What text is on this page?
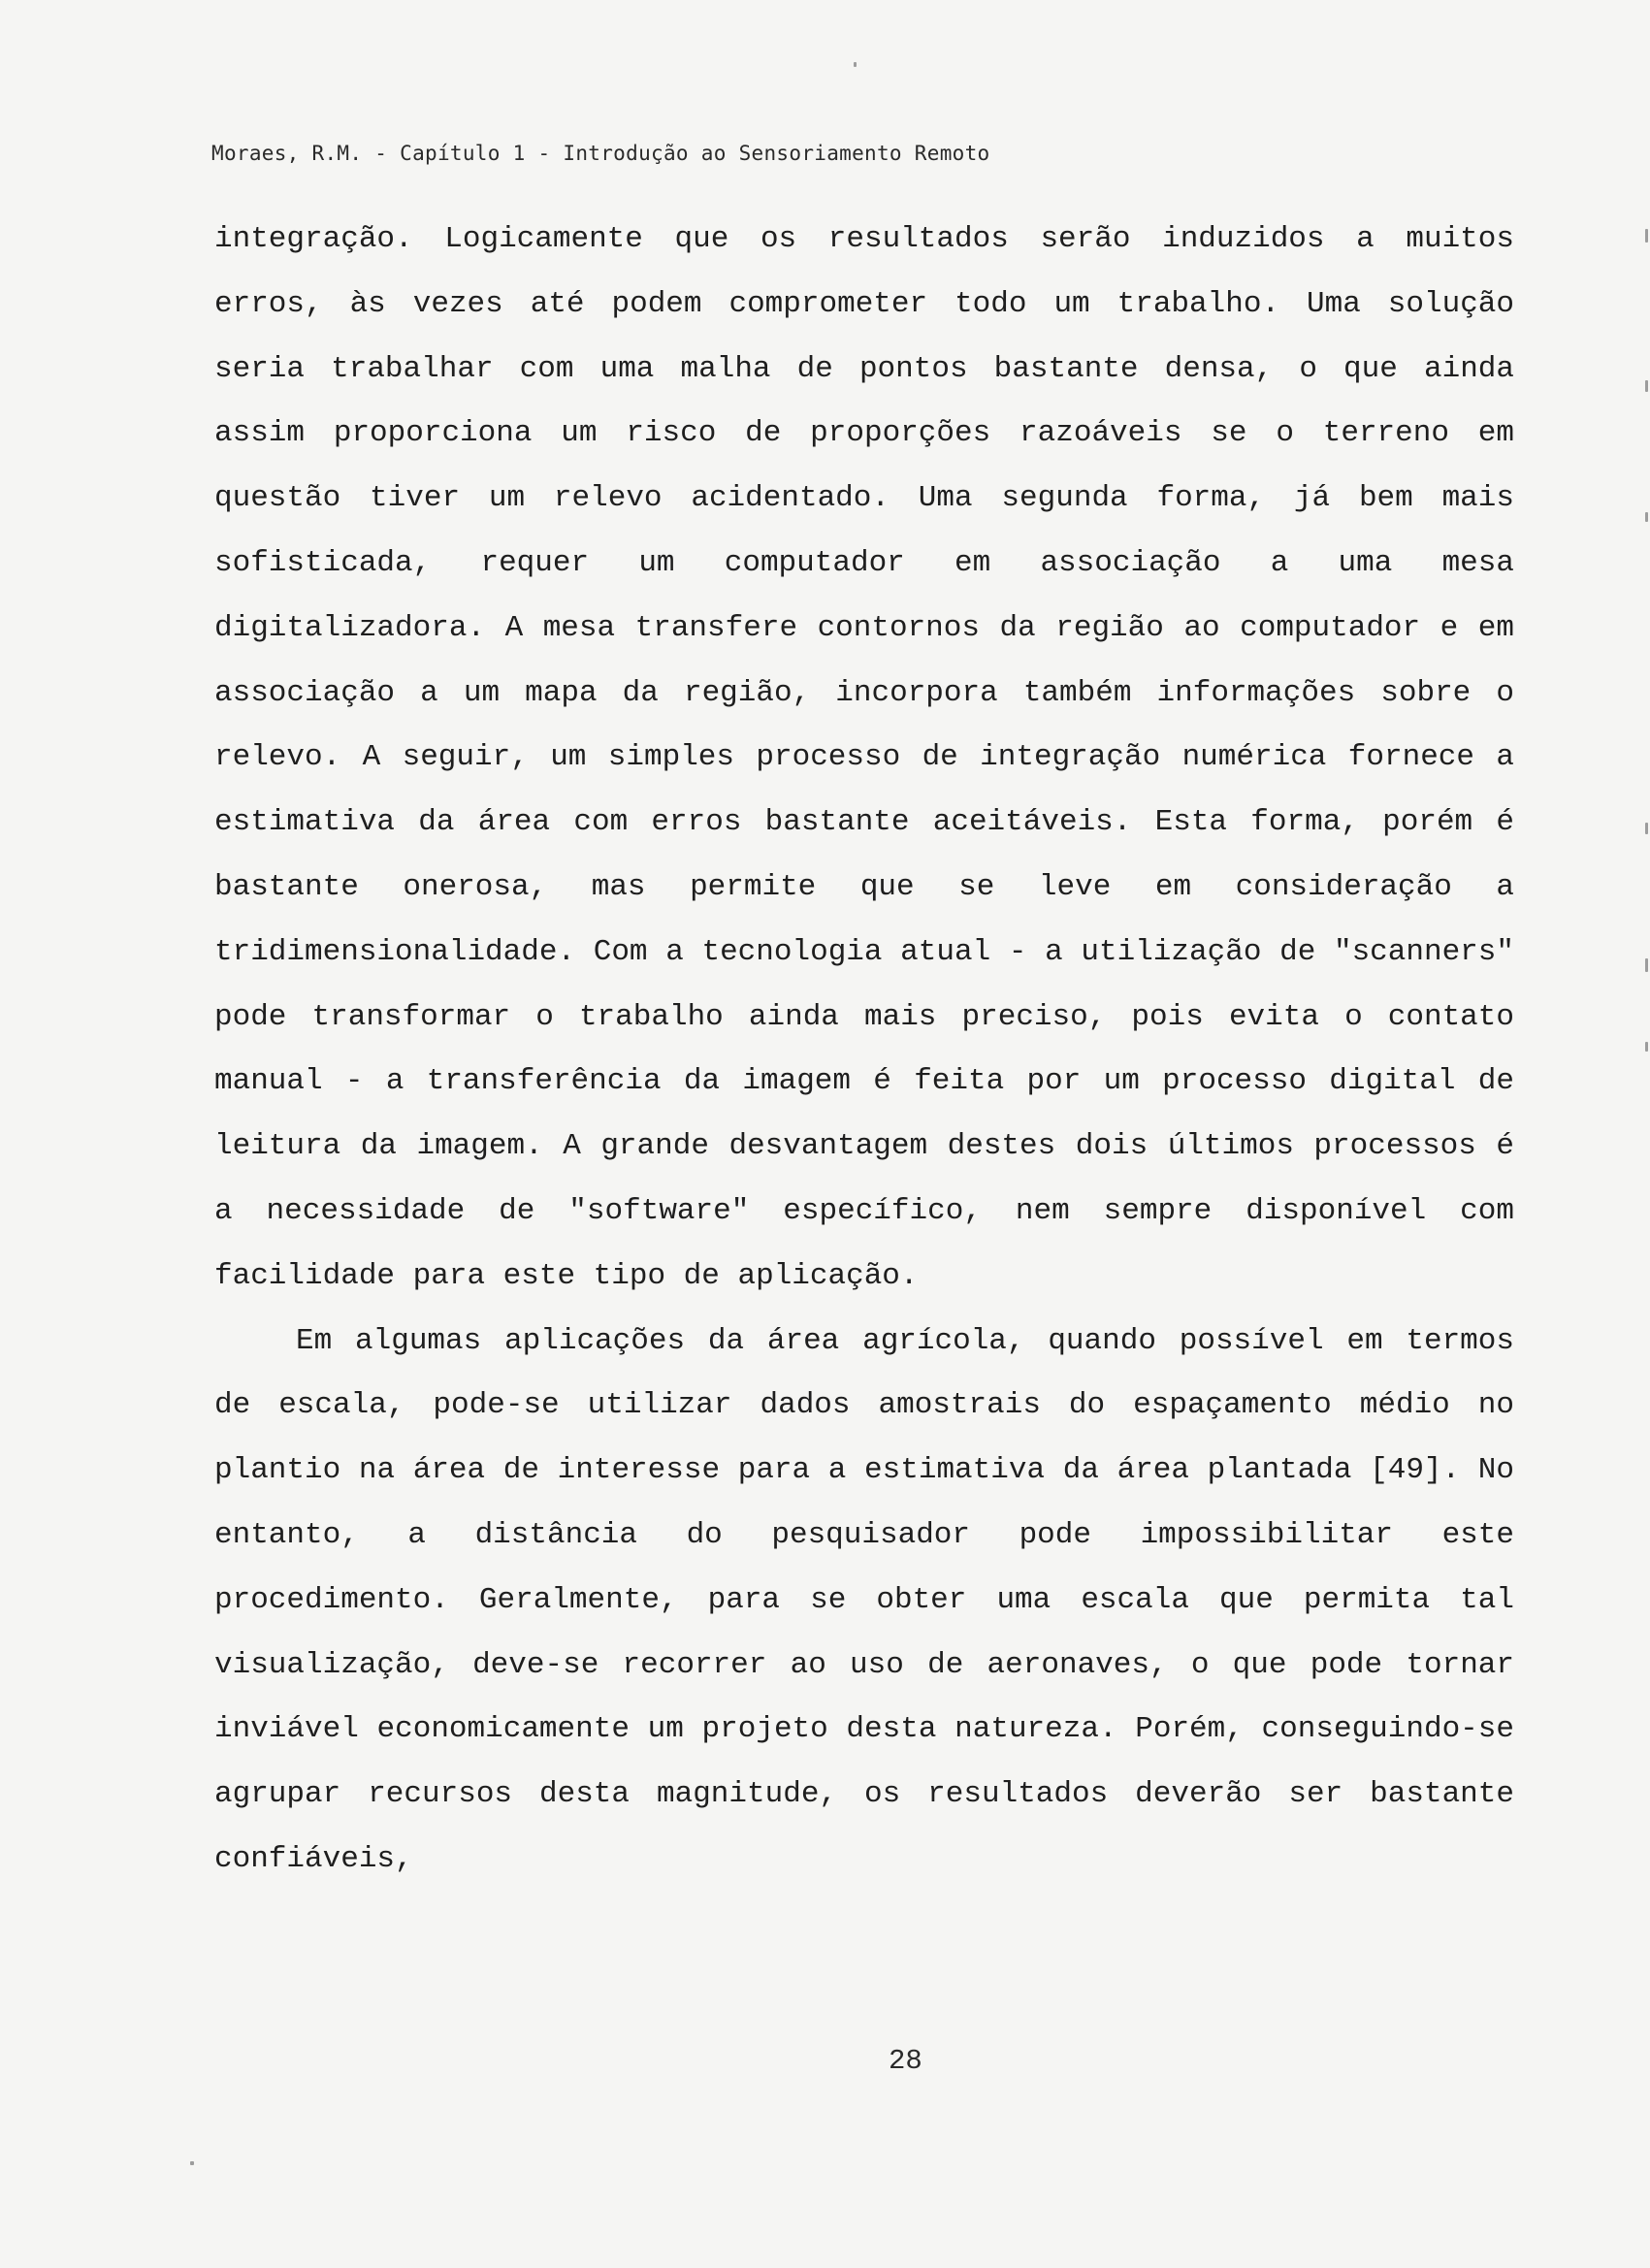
Moraes, R.M. - Capítulo 1 - Introdução ao Sensoriamento Remoto

integração. Logicamente que os resultados serão induzidos a muitos erros, às vezes até podem comprometer todo um trabalho. Uma solução seria trabalhar com uma malha de pontos bastante densa, o que ainda assim proporciona um risco de proporções razoáveis se o terreno em questão tiver um relevo acidentado. Uma segunda forma, já bem mais sofisticada, requer um computador em associação a uma mesa digitalizadora. A mesa transfere contornos da região ao computador e em associação a um mapa da região, incorpora também informações sobre o relevo. A seguir, um simples processo de integração numérica fornece a estimativa da área com erros bastante aceitáveis. Esta forma, porém é bastante onerosa, mas permite que se leve em consideração a tridimensionalidade. Com a tecnologia atual - a utilização de "scanners" pode transformar o trabalho ainda mais preciso, pois evita o contato manual - a transferência da imagem é feita por um processo digital de leitura da imagem. A grande desvantagem destes dois últimos processos é a necessidade de "software" específico, nem sempre disponível com facilidade para este tipo de aplicação.

Em algumas aplicações da área agrícola, quando possível em termos de escala, pode-se utilizar dados amostrais do espaçamento médio no plantio na área de interesse para a estimativa da área plantada [49]. No entanto, a distância do pesquisador pode impossibilitar este procedimento. Geralmente, para se obter uma escala que permita tal visualização, deve-se recorrer ao uso de aeronaves, o que pode tornar inviável economicamente um projeto desta natureza. Porém, conseguindo-se agrupar recursos desta magnitude, os resultados deverão ser bastante confiáveis,

28
